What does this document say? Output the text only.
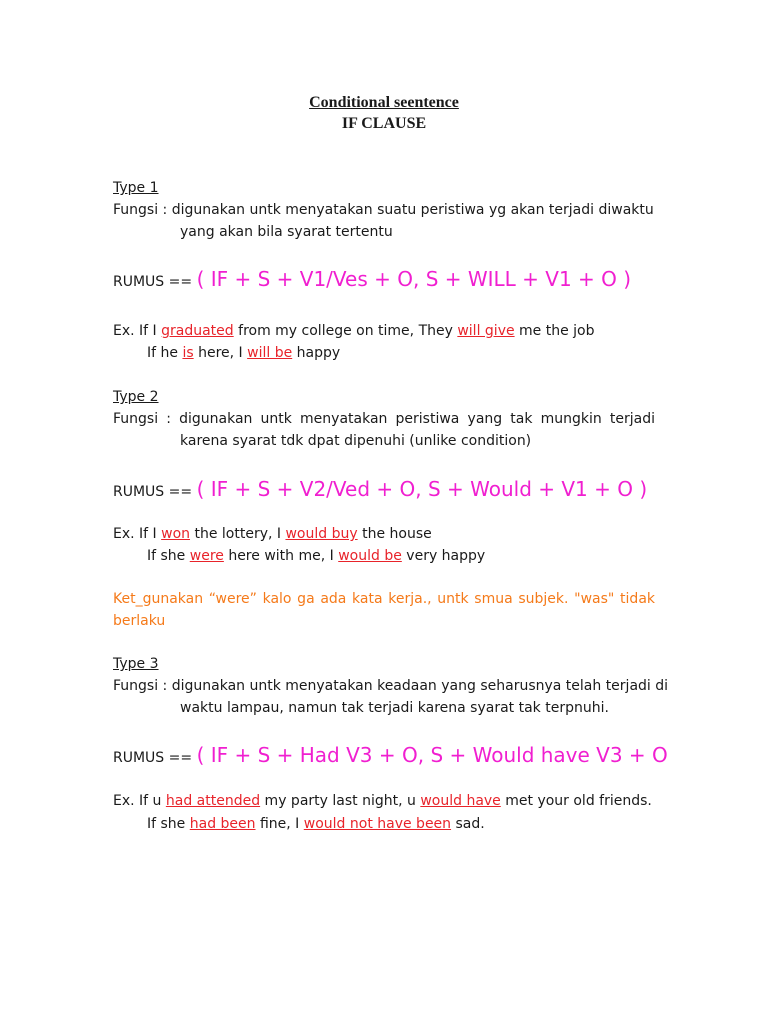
Conditional seentence
IF CLAUSE
Type 1
Fungsi : digunakan untk menyatakan suatu peristiwa yg akan terjadi diwaktu
yang akan bila syarat tertentu
RUMUS == ( IF + S + V1/Ves + O, S + WILL + V1 + O )
Ex. If I graduated from my college on time, They will give me the job
If he is here, I will be happy
Type 2
Fungsi : digunakan untk menyatakan peristiwa yang tak mungkin terjadi
karena syarat tdk dpat dipenuhi (unlike condition)
RUMUS == ( IF + S + V2/Ved + O, S + Would + V1 + O )
Ex. If I won the lottery, I would buy the house
If she were here with me, I would be very happy
Ket_gunakan “were” kalo ga ada kata kerja., untk smua subjek. "was" tidak
berlaku
Type 3
Fungsi : digunakan untk menyatakan keadaan yang seharusnya telah terjadi di
waktu lampau, namun tak terjadi karena syarat tak terpnuhi.
RUMUS == ( IF + S + Had V3 + O, S + Would have V3 + O
Ex. If u had attended my party last night, u would have met your old friends.
If she had been fine, I would not have been sad.
